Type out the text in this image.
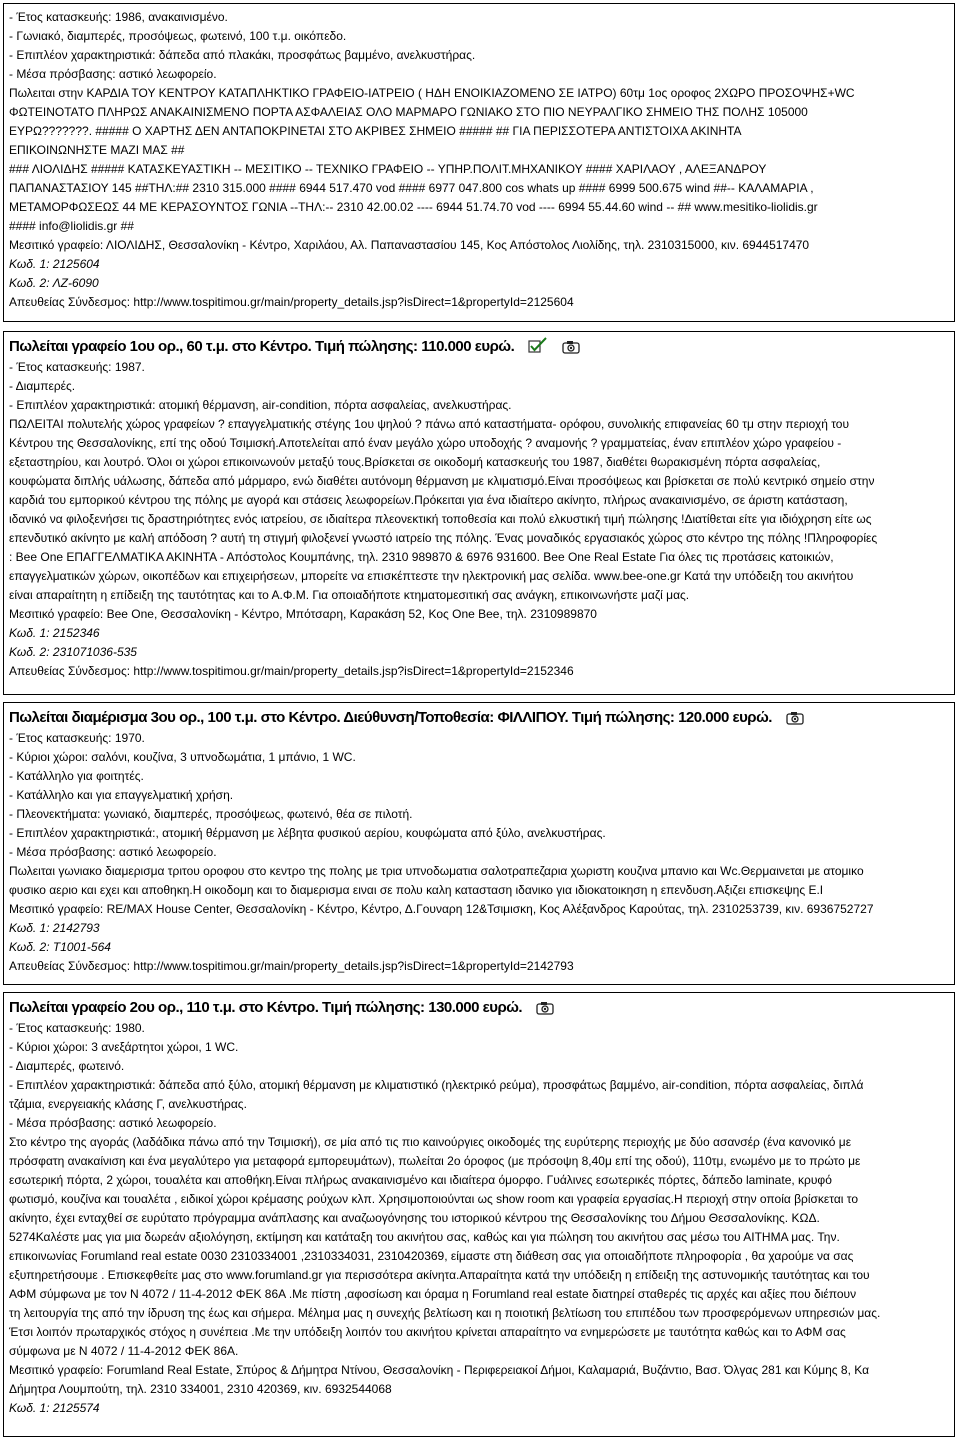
- Έτος κατασκευής: 1986, ανακαινισμένο.
- Γωνιακό, διαμπερές, προσόψεως, φωτεινό, 100 τ.μ. οικόπεδο.
- Επιπλέον χαρακτηριστικά: δάπεδα από πλακάκι, προσφάτως βαμμένο, ανελκυστήρας.
- Μέσα πρόσβασης: αστικό λεωφορείο.
Πωλειται στην ΚΑΡΔΙΑ ΤΟΥ ΚΕΝΤΡΟΥ ΚΑΤΑΠΛΗΚΤΙΚΟ ΓΡΑΦΕΙΟ-ΙΑΤΡΕΙΟ ( ΗΔΗ ΕΝΟΙΚΙΑΖΟΜΕΝΟ ΣΕ ΙΑΤΡΟ) 60τμ 1ος οροφος 2ΧΩΡΟ ΠΡΟΣΟΨΗΣ+WC
ΦΩΤΕΙΝΟΤΑΤΟ ΠΛΗΡΩΣ ΑΝΑΚΑΙΝΙΣΜΕΝΟ ΠΟΡΤΑ ΑΣΦΑΛΕΙΑΣ ΟΛΟ ΜΑΡΜΑΡΟ ΓΩΝΙΑΚΟ ΣΤΟ ΠΙΟ ΝΕΥΡΑΛΓΙΚΟ ΣΗΜΕΙΟ ΤΗΣ ΠΟΛΗΣ 105000
ΕΥΡΩ???????. ##### Ο ΧΑΡΤΗΣ ΔΕΝ ΑΝΤΑΠΟΚΡΙΝΕΤΑΙ ΣΤΟ ΑΚΡΙΒΕΣ ΣΗΜΕΙΟ ##### ## ΓΙΑ ΠΕΡΙΣΣΟΤΕΡΑ ΑΝΤΙΣΤΟΙΧΑ ΑΚΙΝΗΤΑ
ΕΠΙΚΟΙΝΩΝΗΣΤΕ ΜΑΖΙ ΜΑΣ ##
### ΛΙΟΛΙΔΗΣ ##### ΚΑΤΑΣΚΕΥΑΣΤΙΚΗ -- ΜΕΣΙΤΙΚΟ -- ΤΕΧΝΙΚΟ ΓΡΑΦΕΙΟ -- ΥΠΗΡ.ΠΟΛΙΤ.ΜΗΧΑΝΙΚΟΥ #### ΧΑΡΙΛΑΟΥ , ΑΛΕΞΑΝΔΡΟΥ
ΠΑΠΑΝΑΣΤΑΣΙΟΥ 145 ##ΤΗΛ:## 2310 315.000 #### 6944 517.470 vod #### 6977 047.800 cos whats up #### 6999 500.675 wind ##-- ΚΑΛΑΜΑΡΙΑ ,
ΜΕΤΑΜΟΡΦΩΣΕΩΣ 44 ΜΕ ΚΕΡΑΣΟΥΝΤΟΣ ΓΩΝΙΑ --ΤΗΛ:-- 2310 42.00.02 ---- 6944 51.74.70 vod ---- 6994 55.44.60 wind -- ## www.mesitiko-liolidis.gr
#### info@liolidis.gr ##
Μεσιτικό γραφείο: ΛΙΟΛΙΔΗΣ, Θεσσαλονίκη - Κέντρο, Χαριλάου, Αλ. Παπαναστασίου 145, Κος Απόστολος Λιολίδης, τηλ. 2310315000, κιν. 6944517470
Κωδ. 1: 2125604
Κωδ. 2: ΛΖ-6090
Απευθείας Σύνδεσμος: http://www.tospitimou.gr/main/property_details.jsp?isDirect=1&propertyId=2125604
Πωλείται γραφείο 1ου ορ., 60 τ.μ. στο Κέντρο. Τιμή πώλησης: 110.000 ευρώ.

- Έτος κατασκευής: 1987.
- Διαμπερές.
- Επιπλέον χαρακτηριστικά: ατομική θέρμανση, air-condition, πόρτα ασφαλείας, ανελκυστήρας.
ΠΩΛΕΙΤΑΙ πολυτελής χώρος γραφείων ? επαγγελματικής στέγης 1ου ψηλού ? πάνω από καταστήματα- ορόφου, συνολικής επιφανείας 60 τμ στην περιοχή του
Κέντρου της Θεσσαλονίκης, επί της οδού Τσιμισκή.Αποτελείται από έναν μεγάλο χώρο υποδοχής ? αναμονής ? γραμματείας, έναν επιπλέον χώρο γραφείου -
εξεταστηρίου, και λουτρό. Όλοι οι χώροι επικοινωνούν μεταξύ τους.Βρίσκεται σε οικοδομή κατασκευής του 1987, διαθέτει θωρακισμένη πόρτα ασφαλείας,
κουφώματα διπλής υάλωσης, δάπεδα από μάρμαρο, ενώ διαθέτει αυτόνομη θέρμανση με κλιματισμό.Είναι προσόψεως και βρίσκεται σε πολύ κεντρικό σημείο στην
καρδιά του εμπορικού κέντρου της πόλης με αγορά και στάσεις λεωφορείων.Πρόκειται για ένα ιδιαίτερο ακίνητο, πλήρως ανακαινισμένο, σε άριστη κατάσταση,
ιδανικό να φιλοξενήσει τις δραστηριότητες ενός ιατρείου, σε ιδιαίτερα πλεονεκτική τοποθεσία και πολύ ελκυστική τιμή πώλησης !Διατίθεται είτε για ιδιόχρηση είτε ως
επενδυτικό ακίνητο με καλή απόδοση ? αυτή τη στιγμή φιλοξενεί γνωστό ιατρείο της πόλης. Ένας μοναδικός εργασιακός χώρος στο κέντρο της πόλης !Πληροφορίες
: Bee One ΕΠΑΓΓΕΛΜΑΤΙΚΑ ΑΚΙΝΗΤΑ - Απόστολος Κουμπάνης, τηλ. 2310 989870 & 6976 931600. Bee One Real Estate Για όλες τις προτάσεις κατοικιών,
επαγγελματικών χώρων, οικοπέδων και επιχειρήσεων, μπορείτε να επισκέπτεστε την ηλεκτρονική μας σελίδα. www.bee-one.gr Κατά την υπόδειξη του ακινήτου
είναι απαραίτητη η επίδειξη της ταυτότητας και το Α.Φ.Μ. Για οποιαδήποτε κτηματομεσιτική σας ανάγκη, επικοινωνήστε μαζί μας.
Μεσιτικό γραφείο: Bee One, Θεσσαλονίκη - Κέντρο, Μπότσαρη, Καρακάση 52, Κος One Bee, τηλ. 2310989870
Κωδ. 1: 2152346
Κωδ. 2: 231071036-535
Απευθείας Σύνδεσμος: http://www.tospitimou.gr/main/property_details.jsp?isDirect=1&propertyId=2152346
Πωλείται διαμέρισμα 3ου ορ., 100 τ.μ. στο Κέντρο. Διεύθυνση/Τοποθεσία: ΦΙΛΛΙΠΟΥ. Τιμή πώλησης: 120.000 ευρώ.
- Έτος κατασκευής: 1970.
- Κύριοι χώροι: σαλόνι, κουζίνα, 3 υπνοδωμάτια, 1 μπάνιο, 1 WC.
- Κατάλληλο για φοιτητές.
- Κατάλληλο και για επαγγελματική χρήση.
- Πλεονεκτήματα: γωνιακό, διαμπερές, προσόψεως, φωτεινό, θέα σε πιλοτή.
- Επιπλέον χαρακτηριστικά:, ατομική θέρμανση με λέβητα φυσικού αερίου, κουφώματα από ξύλο, ανελκυστήρας.
- Μέσα πρόσβασης: αστικό λεωφορείο.
Πωλειται γωνιακο διαμερισμα τριτου οροφου στο κεντρο της πολης με τρια υπνοδωματια σαλοτραπεζαρια χωριστη κουζινα μπανιο και Wc.Θερμαινεται με ατομικο
φυσικο αεριο και εχει και αποθηκη.Η οικοδομη και το διαμερισμα ειναι σε πολυ καλη κατασταση ιδανικο για ιδιοκατοικηση η επενδυση.Αξιζει επισκεψης Ε.Ι
Μεσιτικό γραφείο: RE/MAX House Center, Θεσσαλονίκη - Κέντρο, Κέντρο, Δ.Γουναρη 12&Τσιμισκη, Κος Αλέξανδρος Καρούτας, τηλ. 2310253739, κιν. 6936752727
Κωδ. 1: 2142793
Κωδ. 2: T1001-564
Απευθείας Σύνδεσμος: http://www.tospitimou.gr/main/property_details.jsp?isDirect=1&propertyId=2142793
Πωλείται γραφείο 2ου ορ., 110 τ.μ. στο Κέντρο. Τιμή πώλησης: 130.000 ευρώ.
- Έτος κατασκευής: 1980.
- Κύριοι χώροι: 3 ανεξάρτητοι χώροι, 1 WC.
- Διαμπερές, φωτεινό.
- Επιπλέον χαρακτηριστικά: δάπεδα από ξύλο, ατομική θέρμανση με κλιματιστικό (ηλεκτρικό ρεύμα), προσφάτως βαμμένο, air-condition, πόρτα ασφαλείας, διπλά
τζάμια, ενεργειακής κλάσης Γ, ανελκυστήρας.
- Μέσα πρόσβασης: αστικό λεωφορείο.
Στο κέντρο της αγοράς (λαδάδικα πάνω από την Τσιμισκή), σε μία από τις πιο καινούργιες οικοδομές της ευρύτερης περιοχής με δύο ασανσέρ (ένα κανονικό με
πρόσφατη ανακαίνιση και ένα μεγαλύτερο για μεταφορά εμπορευμάτων), πωλείται 2ο όροφος (με πρόσοψη 8,40μ επί της οδού), 110τμ, ενωμένο με το πρώτο με
εσωτερική πόρτα, 2 χώροι, τουαλέτα και αποθήκη.Είναι πλήρως ανακαινισμένο και ιδιαίτερα όμορφο. Γυάλινες εσωτερικές πόρτες, δάπεδο laminate, κρυφό
φωτισμό, κουζίνα και τουαλέτα , ειδικοί χώροι κρέμασης ρούχων κλπ. Χρησιμοποιούνται ως show room και γραφεία εργασίας.Η περιοχή στην οποία βρίσκεται το
ακίνητο, έχει ενταχθεί σε ευρύτατο πρόγραμμα ανάπλασης και αναζωογόνησης του ιστορικού κέντρου της Θεσσαλονίκης του Δήμου Θεσσαλονίκης. ΚΩΔ.
5274Καλέστε μας για μια δωρεάν αξιολόγηση, εκτίμηση και κατάταξη του ακινήτου σας, καθώς και για πώληση του ακινήτου σας μέσω του ΑΙΤΗΜΑ μας. Την.
επικοινωνίας Forumland real estate 0030 2310334001 ,2310334031, 2310420369, είμαστε στη διάθεση σας για οποιαδήποτε πληροφορία , θα χαρούμε να σας
εξυπηρετήσουμε . Επισκεφθείτε μας στο www.forumland.gr για περισσότερα ακίνητα.Απαραίτητα κατά την υπόδειξη η επίδειξη της αστυνομικής ταυτότητας και του
ΑΦΜ σύμφωνα με τον Ν 4072 / 11-4-2012 ΦΕΚ 86Α .Με πίστη ,αφοσίωση και όραμα η Forumland real estate διατηρεί σταθερές τις αρχές και αξίες που διέπουν
τη λειτουργία της από την ίδρυση της έως και σήμερα. Μέλημα μας η συνεχής βελτίωση και η ποιοτική βελτίωση του επιπέδου των προσφερόμενων υπηρεσιών μας.
Έτσι λοιπόν πρωταρχικός στόχος η συνέπεια .Με την υπόδειξη λοιπόν του ακινήτου κρίνεται απαραίτητο να ενημερώσετε με ταυτότητα καθώς και το ΑΦΜ σας
σύμφωνα με Ν 4072 / 11-4-2012 ΦΕΚ 86Α.
Μεσιτικό γραφείο: Forumland Real Estate, Σπύρος & Δήμητρα Ντίνου, Θεσσαλονίκη - Περιφερειακοί Δήμοι, Καλαμαριά, Βυζάντιο, Βασ. Όλγας 281 και Κύμης 8, Κα
Δήμητρα Λουμπούτη, τηλ. 2310 334001, 2310 420369, κιν. 6932544068
Κωδ. 1: 2125574
